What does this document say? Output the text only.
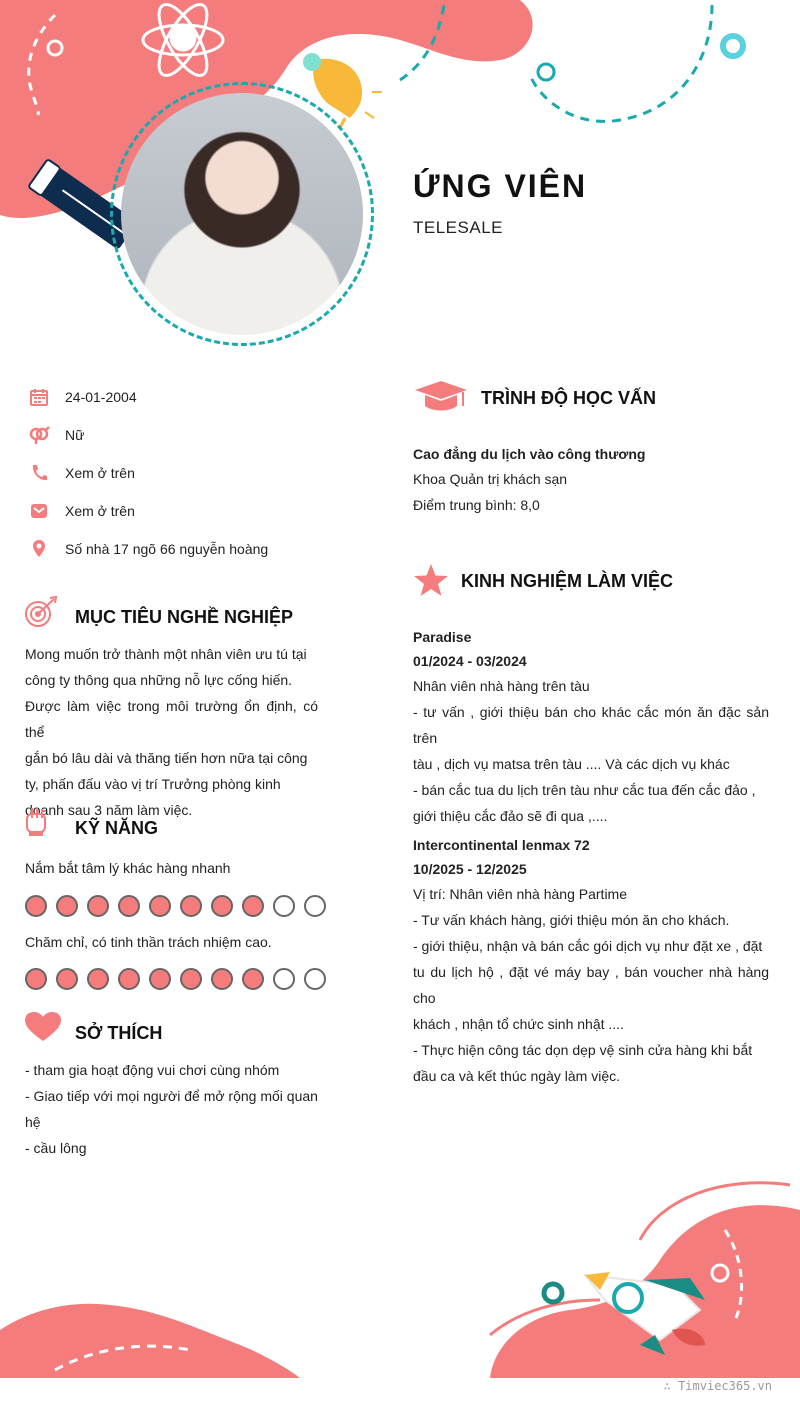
ỨNG VIÊN
TELESALE
24-01-2004
Nữ
Xem ở trên
Xem ở trên
Số nhà 17 ngõ 66 nguyễn hoàng
MỤC TIÊU NGHỀ NGHIỆP
Mong muốn trở thành một nhân viên ưu tú tại
công ty thông qua những nỗ lực cống hiến.
Được làm việc trong môi trường ổn định, có thể
gắn bó lâu dài và thăng tiến hơn nữa tại công
ty, phấn đấu vào vị trí Trưởng phòng kinh
doanh sau 3 năm làm việc.
KỸ NĂNG
Nắm bắt tâm lý khác hàng nhanh
Chăm chỉ, có tinh thần trách nhiệm cao.
SỞ THÍCH
- tham gia hoạt động vui chơi cùng nhóm
- Giao tiếp với mọi người để mở rộng mối quan
hệ
- cầu lông
TRÌNH ĐỘ HỌC VẤN
Cao đẳng du lịch vào công thương
Khoa Quản trị khách sạn
Điểm trung bình: 8,0
KINH NGHIỆM LÀM VIỆC
Paradise
01/2024 - 03/2024
Nhân viên nhà hàng trên tàu
- tư vấn , giới thiệu bán cho khác cắc món ăn đặc sản trên
tàu , dịch vụ matsa trên tàu .... Và các dịch vụ khác
- bán cắc tua du lịch trên tàu như cắc tua đến cắc đảo ,
giới thiệu cắc đảo sẽ đi qua ,....
Intercontinental lenmax 72
10/2025 - 12/2025
Vị trí: Nhân viên nhà hàng Partime
- Tư vấn khách hàng, giới thiệu món ăn cho khách.
- giới thiệu, nhận và bán cắc gói dịch vụ như đặt xe , đặt
tu du lịch hộ , đặt vé máy bay , bán voucher nhà hàng cho
khách , nhận tổ chức sinh nhật ....
- Thực hiện công tác dọn dẹp vệ sinh cửa hàng khi bắt
đầu ca và kết thúc ngày làm việc.
∴ Timviec365.vn
